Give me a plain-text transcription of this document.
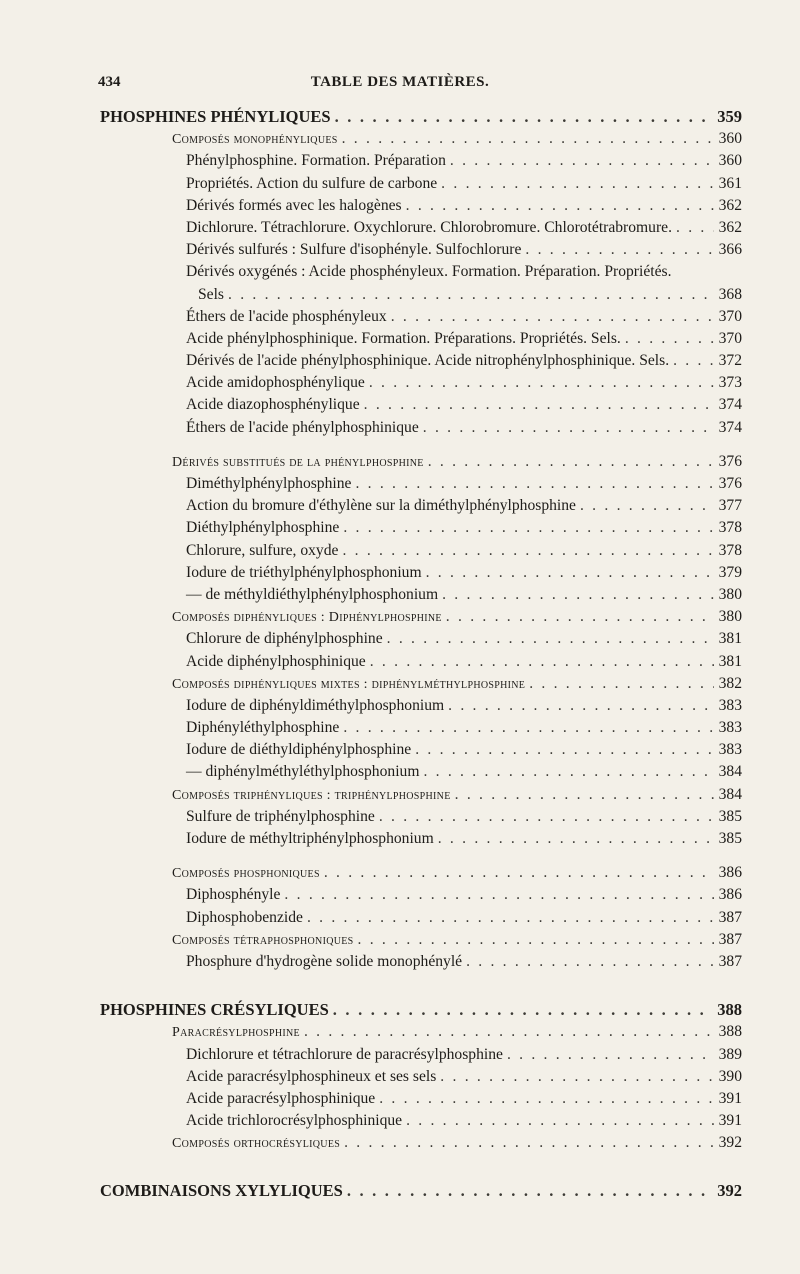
434	TABLE DES MATIÈRES.
PHOSPHINES PHÉNYLIQUES . . .	359
Composés monophényliques . . .	360
Phénylphosphine. Formation. Préparation . . .	360
Propriétés. Action du sulfure de carbone . . .	361
Dérivés formés avec les halogènes . . .	362
Dichlorure. Tétrachlorure. Oxychlorure. Chlorobromure. Chlorotétrabromure. . . .	362
Dérivés sulfurés : Sulfure d'isophényle. Sulfochlorure . . .	366
Dérivés oxygénés : Acide phosphényleux. Formation. Préparation. Propriétés.
Sels . . .	368
Éthers de l'acide phosphényleux . . .	370
Acide phénylphosphinique. Formation. Préparations. Propriétés. Sels. . . .	370
Dérivés de l'acide phénylphosphinique. Acide nitrophénylphosphinique. Sels. . . .	372
Acide amidophosphénylique . . .	373
Acide diazophosphénylique . . .	374
Éthers de l'acide phénylphosphinique . . .	374
Dérivés substitués de la phénylphosphine . . .	376
Diméthylphénylphosphine . . .	376
Action du bromure d'éthylène sur la diméthylphénylphosphine . . .	377
Diéthylphénylphosphine . . .	378
Chlorure, sulfure, oxyde . . .	378
Iodure de triéthylphénylphosphonium . . .	379
— de méthyldiéthylphénylphosphonium . . .	380
Composés diphényliques : Diphénylphosphine . . .	380
Chlorure de diphénylphosphine . . .	381
Acide diphénylphosphinique . . .	381
Composés diphényliques mixtes : diphénylméthylphosphine . . .	382
Iodure de diphényldiméthylphosphonium . . .	383
Diphényléthylphosphine . . .	383
Iodure de diéthyldiphénylphosphine . . .	383
— diphénylméthyléthylphosphonium . . .	384
Composés triphényliques : triphénylphosphine . . .	384
Sulfure de triphénylphosphine . . .	385
Iodure de méthyltriphénylphosphonium . . .	385
Composés phosphoniques . . .	386
Diphosphényle . . .	386
Diphosphobenzide . . .	387
Composés tétraphosphoniques . . .	387
Phosphure d'hydrogène solide monophénylé . . .	387
PHOSPHINES CRÉSYLIQUES . . .	388
Paracrésylphosphine . . .	388
Dichlorure et tétrachlorure de paracrésylphosphine . . .	389
Acide paracrésylphosphineux et ses sels . . .	390
Acide paracrésylphosphinique . . .	391
Acide trichlorocrésylphosphinique . . .	391
Composés orthocrésyliques . . .	392
COMBINAISONS XYLYLIQUES . . .	392
